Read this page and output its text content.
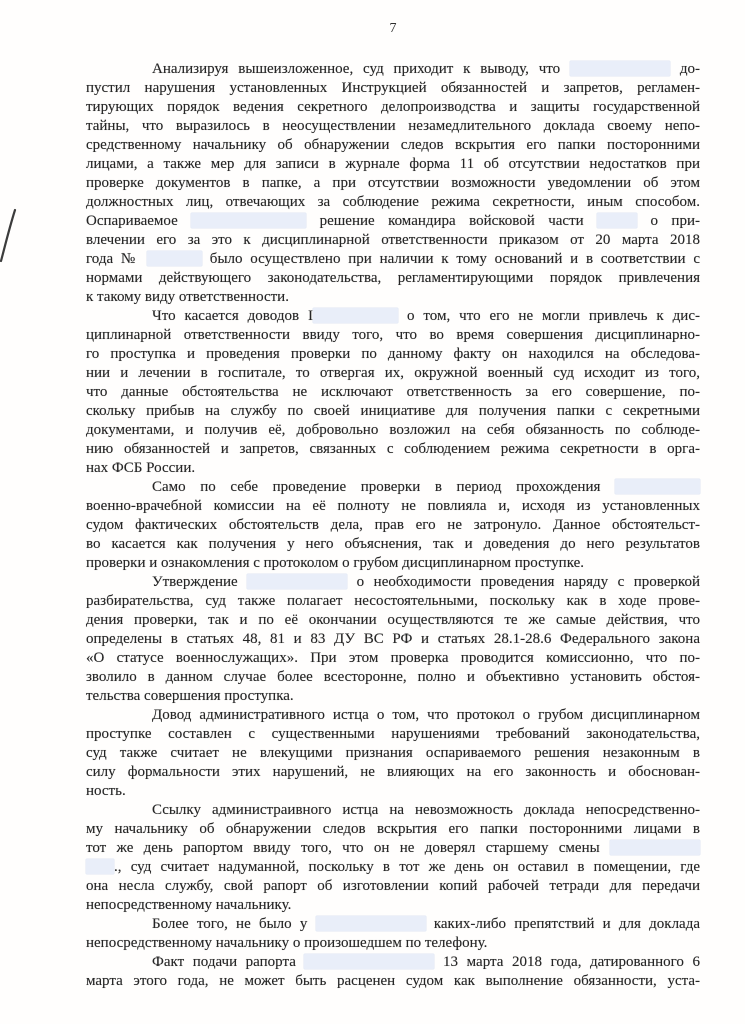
7
Анализируя вышеизложенное, суд приходит к выводу, что	до-
пустил нарушения установленных Инструкцией обязанностей и запретов, регламен-
тирующих порядок ведения секретного делопроизводства и защиты государственной
тайны, что выразилось в неосуществлении незамедлительного доклада своему непо-
средственному начальнику об обнаружении следов вскрытия его папки посторонними
лицами, а также мер для записи в журнале форма 11 об отсутствии недостатков при
проверке документов в папке, а при отсутствии возможности уведомлении об этом
должностных лиц, отвечающих за соблюдение режима секретности, иным способом.
Оспариваемое	решение командира войсковой части	о при-
влечении его за это к дисциплинарной ответственности приказом от 20 марта 2018
года №	было осуществлено при наличии к тому оснований и в соответствии с
нормами действующего законодательства, регламентирующими порядок привлечения
к такому виду ответственности.
Что касается доводов I	о том, что его не могли привлечь к дис-
циплинарной ответственности ввиду того, что во время совершения дисциплинарно-
го проступка и проведения проверки по данному факту он находился на обследова-
нии и лечении в госпитале, то отвергая их, окружной военный суд исходит из того,
что данные обстоятельства не исключают ответственность за его совершение, по-
скольку прибыв на службу по своей инициативе для получения папки с секретными
документами, и получив её, добровольно возложил на себя обязанность по соблюде-
нию обязанностей и запретов, связанных с соблюдением режима секретности в орга-
нах ФСБ России.
Само по себе проведение проверки в период прохождения
военно-врачебной комиссии на её полноту не повлияла и, исходя из установленных
судом фактических обстоятельств дела, прав его не затронуло. Данное обстоятельст-
во касается как получения у него объяснения, так и доведения до него результатов
проверки и ознакомления с протоколом о грубом дисциплинарном проступке.
Утверждение	о необходимости проведения наряду с проверкой
разбирательства, суд также полагает несостоятельными, поскольку как в ходе прове-
дения проверки, так и по её окончании осуществляются те же самые действия, что
определены в статьях 48, 81 и 83 ДУ ВС РФ и статьях 28.1-28.6 Федерального закона
«О статусе военнослужащих». При этом проверка проводится комиссионно, что по-
зволило в данном случае более всесторонне, полно и объективно установить обстоя-
тельства совершения проступка.
Довод административного истца о том, что протокол о грубом дисциплинарном
проступке составлен с существенными нарушениями требований законодательства,
суд также считает не влекущими признания оспариваемого решения незаконным в
силу формальности этих нарушений, не влияющих на его законность и обоснован-
ность.
Ссылку администраивного истца на невозможность доклада непосредственно-
му начальнику об обнаружении следов вскрытия его папки посторонними лицами в
тот же день рапортом ввиду того, что он не доверял старшему смены
., суд считает надуманной, поскольку в тот же день он оставил в помещении, где
она несла службу, свой рапорт об изготовлении копий рабочей тетради для передачи
непосредственному начальнику.
Более того, не было у	каких-либо препятствий и для доклада
непосредственному начальнику о произошедшем по телефону.
Факт подачи рапорта	13 марта 2018 года, датированного 6
марта этого года, не может быть расценен судом как выполнение обязанности, уста-
